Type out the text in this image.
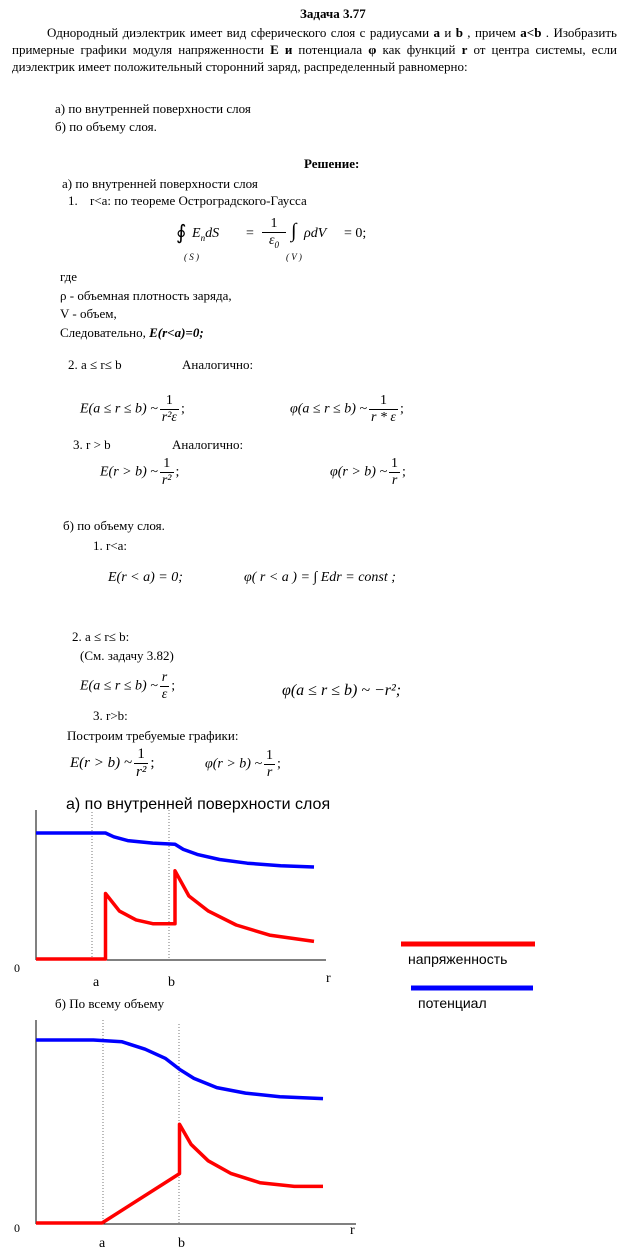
Задача 3.77
Однородный диэлектрик имеет вид сферического слоя с радиусами a и b , причем a<b . Изобразить примерные графики модуля напряженности E и потенциала φ как функций r от центра системы, если диэлектрик имеет положительный сторонний заряд, распределенный равномерно:
а) по внутренней поверхности слоя
б) по объему слоя.
Решение:
а) по внутренней поверхности слоя
1. r<a: по теореме Остроградского-Гаусса
∮
( S )
$E_ndS$ =
1
$\varepsilon_0$
∫
( V )
ρdV = 0;
где
ρ - объемная плотность заряда,
V - объем,
Следовательно, E(r<a)=0;
2. a ≤ r≤ b	Аналогично:
E(a ≤ r ≤ b) ~ $\frac{1}{\text{r²ε}}$ ;	φ(a ≤ r ≤ b) ~ $\frac{1}{r * \varepsilon}$ ;
3. r > b	Аналогично:
E(r > b) ~ $\frac{1}{\text{r²}}$ ;	φ(r > b) ~ $\frac{1}{r}$ ;
б) по объему слоя.
1. r<a:
E(r < a) = 0;	φ( r < a ) = ∫ Edr = const ;
2. a ≤ r≤ b:
(См. задачу 3.82)
E(a ≤ r ≤ b) ~ $\frac{r}{\varepsilon}$ ;	φ(a ≤ r ≤ b) ~ −r²;
3. r>b:
Построим требуемые графики:
E(r > b) ~ $\frac{1}{\text{r²}}$ ;	φ(r > b) ~ $\frac{1}{r}$ ;
а) по внутренней поверхности слоя
0
a	b	r
напряженность
потенциал
б) По всему объему
0
a	b
r
